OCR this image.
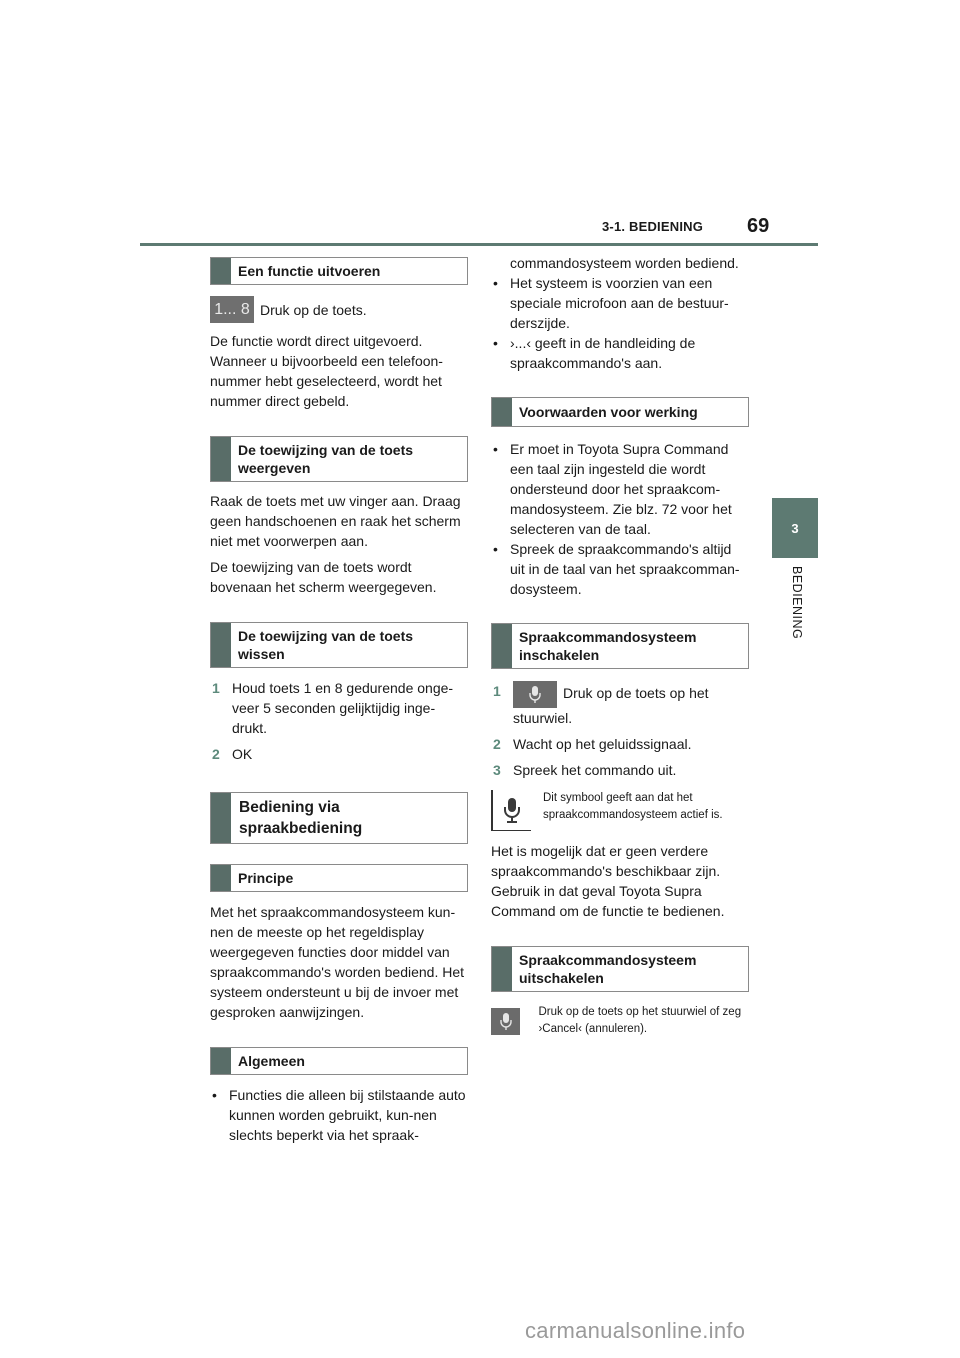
3-1. BEDIENING 69
3
BEDIENING
Een functie uitvoeren
1... 8 Druk op de toets.

De functie wordt direct uitgevoerd. Wanneer u bijvoorbeeld een telefoon-nummer hebt geselecteerd, wordt het nummer direct gebeld.

De toewijzing van de toets weergeven

Raak de toets met uw vinger aan. Draag geen handschoenen en raak het scherm niet met voorwerpen aan.

De toewijzing van de toets wordt bovenaan het scherm weergegeven.

De toewijzing van de toets wissen
1 Houd toets 1 en 8 gedurende onge-veer 5 seconden gelijktijdig inge-drukt.
2 OK
Bediening via spraakbediening
Principe

Met het spraakcommandosysteem kun-nen de meeste op het regeldisplay weergegeven functies door middel van spraakcommando's worden bediend. Het systeem ondersteunt u bij de invoer met gesproken aanwijzingen.

Algemeen
• Functies die alleen bij stilstaande auto kunnen worden gebruikt, kun-nen slechts beperkt via het spraak-

commandosysteem worden bediend.

• Het systeem is voorzien van een speciale microfoon aan de bestuur-derszijde.
• ›...‹ geeft in de handleiding de spraakcommando's aan.
Voorwaarden voor werking
• Er moet in Toyota Supra Command een taal zijn ingesteld die wordt ondersteund door het spraakcom-mandosysteem. Zie blz. 72 voor het selecteren van de taal.
• Spreek de spraakcommando's altijd uit in de taal van het spraakcomman-dosysteem.
Spraakcommandosysteem inschakelen
1	Druk op de toets op het stuurwiel.
2 Wacht op het geluidssignaal.
3 Spreek het commando uit.
Dit symbool geeft aan dat het spraakcommandosysteem actief is.

Het is mogelijk dat er geen verdere spraakcommando's beschikbaar zijn. Gebruik in dat geval Toyota Supra Command om de functie te bedienen.

Spraakcommandosysteem uitschakelen
Druk op de toets op het stuurwiel of zeg ›Cancel‹ (annuleren).
carmanualsonline.info
